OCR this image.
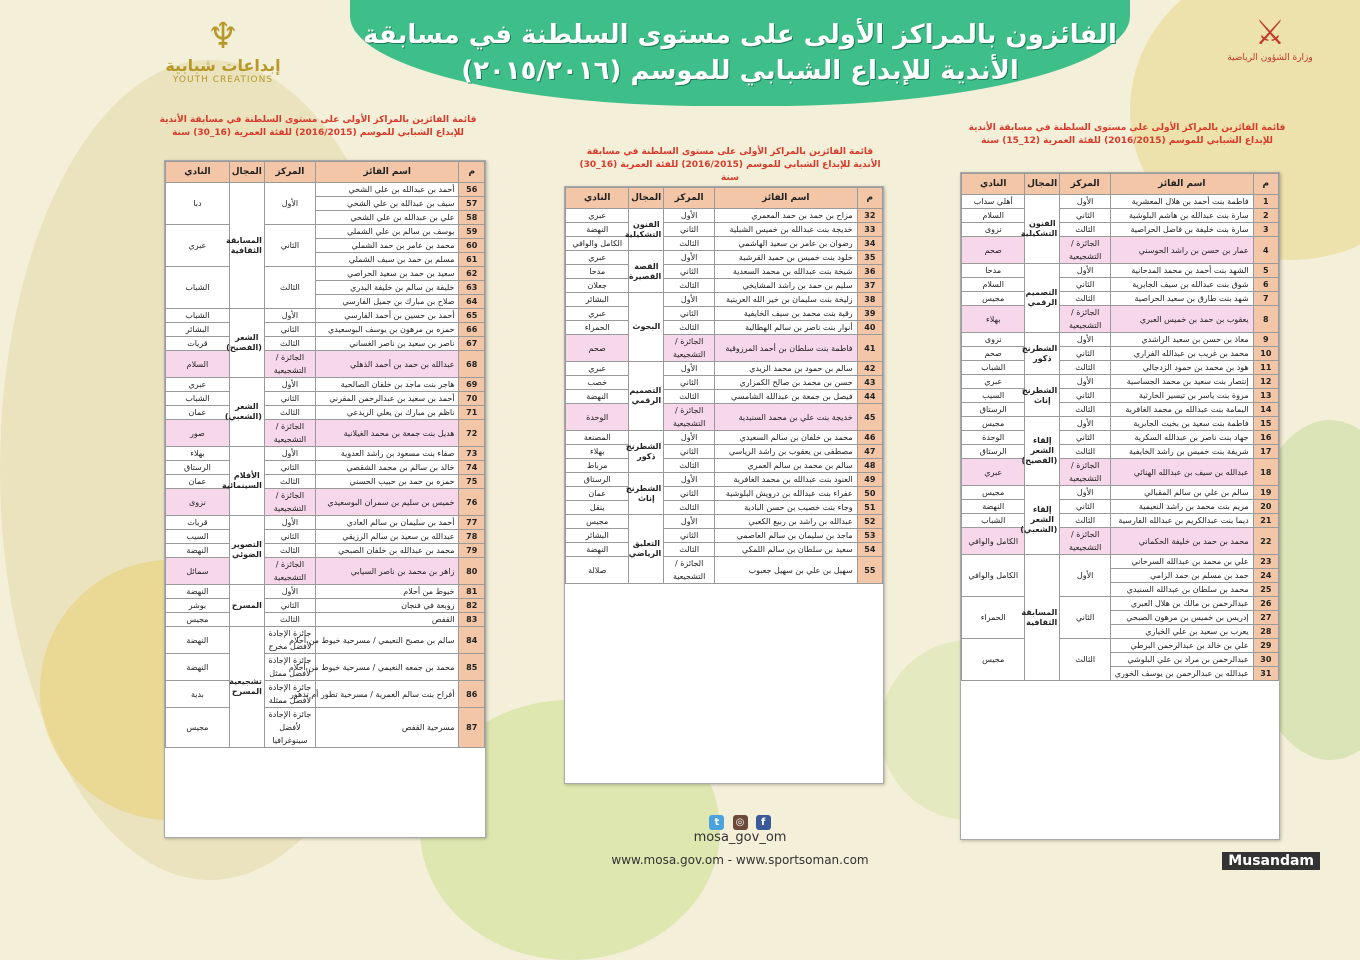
♆
إبداعات شبابية
YOUTH CREATIONS
الفائزون بالمراكز الأولى على مستوى السلطنة في مسابقة
الأندية للإبداع الشبابي للموسم (٢٠١٥/٢٠١٦)
⚔
وزارة الشؤون الرياضية
قائمة الفائزين بالمراكز الأولى على مستوى السلطنة في مسابقة الأندية للإبداع الشبابي للموسم (2016/2015) للفئة العمرية (16_30) سنة
قائمة الفائزين بالمراكز الأولى على مستوى السلطنة في مسابقة الأندية للإبداع الشبابي للموسم (2016/2015) للفئة العمرية (16_30) سنة
قائمة الفائزين بالمراكز الأولى على مستوى السلطنة في مسابقة الأندية للإبداع الشبابي للموسم (2016/2015) للفئة العمرية (12_15) سنة
م	اسم الفائز	المركز	المجال	النادي
56	أحمد بن عبدالله بن علي الشحي	الأول	المسابقة الثقافية	دبا
57	سيف بن عبدالله بن علي الشحي			
58	علي بن عبدالله بن علي الشحي			
59	يوسف بن سالم بن علي الشملي	الثاني		عبري
60	محمد بن عامر بن حمد الشملي			
61	مسلم بن حمد بن سيف الشملي			
62	سعيد بن حمد بن سعيد الحراصي	الثالث		الشباب
63	خليفة بن سالم بن خليفة البدري			
64	صلاح بن مبارك بن جميل الفارسي			
65	أحمد بن حسين بن أحمد الفارسي	الأول	الشعر (الفصيح)	الشباب
66	حمزه بن مرهون بن يوسف البوسعيدي	الثاني		البشائر
67	ناصر بن سعيد بن ناصر الغساني	الثالث		قريات
68	عبدالله بن حمد بن أحمد الذهلي	الجائزة / التشجيعية		السلام
69	هاجر بنت ماجد بن خلفان الصالحية	الأول	الشعر (الشعبي)	عبري
70	أحمد بن سعيد بن عبدالرحمن المقرني	الثاني		الشباب
71	ناظم بن مبارك بن يعلي الريدعي	الثالث		عمان
72	هديل بنت جمعة بن محمد الغيلانية	الجائزة / التشجيعية		صور
73	صفاء بنت مسعود بن راشد العدوية	الأول	الأفلام السينمائية	بهلاء
74	خالد بن سالم بن محمد الشقصي	الثاني		الرستاق
75	حمزه بن حمد بن حبيب الحسني	الثالث		عمان
76	خميس بن سليم بن سمران البوسعيدي	الجائزة / التشجيعية		نزوى
77	أحمد بن سليمان بن سالم العادي	الأول	التصوير الضوئي	قريات
78	عبدالله بن سعيد بن سالم الرزيقي	الثاني		السيب
79	محمد بن عبدالله بن خلفان الصبحي	الثالث		النهضة
80	زاهر بن محمد بن ناصر السيابي	الجائزة / التشجيعية		سمائل
81	خيوط من أحلام	الأول	المسرح	النهضة
82	زوبعة في فنجان	الثاني		بوشر
83	القفص	الثالث		مجيس
84	سالم بن مصبح النعيمي / مسرحية خيوط من أحلام	جائزة الإجادة لأفضل مخرج	تشجيعية المسرح	النهضة
85	محمد بن جمعه النعيمي / مسرحية خيوط من أحلام	جائزة الإجادة لأفضل ممثل		النهضة
86	أفراح بنت سالم العمرية / مسرحية تطور أم تدهور	جائزة الإجادة لأفضل ممثلة		بدية
87	مسرحية القفص	جائزة الإجادة لأفضل سينوغرافيا		مجيس
م	اسم الفائز	المركز	المجال	النادي
32	مزاح بن حمد بن حمد المعمري	الأول	الفنون التشكيلية	عبري
33	خديجة بنت عبدالله بن خميس الشبلية	الثاني		النهضة
34	رضوان بن عامر بن سعيد الهاشمي	الثالث		الكامل والوافي
35	خلود بنت خميس بن حميد القرشية	الأول	القصة القصيرة	عبري
36	شيخة بنت عبدالله بن محمد السعدية	الثاني		مدحا
37	سليم بن حمد بن راشد المشايخي	الثالث		جعلان
38	زليخة بنت سليمان بن خير الله العرينية	الأول	البحوث	البشائر
39	رقية بنت محمد بن سيف الخايفية	الثاني		عبري
40	أنوار بنت ناصر بن سالم الهطالية	الثالث		الحمراء
41	فاطمة بنت سلطان بن أحمد المرزوقية	الجائزة / التشجيعية		صحم
42	سالم بن حمود بن محمد الزيدي	الأول	التصميم الرقمي	عبري
43	حسن بن محمد بن صالح الكمزاري	الثاني		خصب
44	فيصل بن جمعة بن عبدالله الشامسي	الثالث		النهضة
45	خديجة بنت علي بن محمد السنيدية	الجائزة / التشجيعية		الوحدة
46	محمد بن خلفان بن سالم السعيدي	الأول	الشطرنج ذكور	المصنعة
47	مصطفى بن يعقوب بن راشد الرياسي	الثاني		بهلاء
48	سالم بن محمد بن سالم العمري	الثالث		مرباط
49	العنود بنت عبدالله بن محمد الغافرية	الأول	الشطرنج إناث	الرستاق
50	عفراء بنت عبدالله بن درويش البلوشية	الثاني		عمان
51	وجاء بنت خصيب بن حسن البادية	الثالث		ينقل
52	عبدالله بن راشد بن ربيع الكعبي	الأول	التعليق الرياضي	مجيس
53	ماجد بن سليمان بن سالم العاصمي	الثاني		البشائر
54	سعيد بن سلطان بن سالم اللمكي	الثالث		النهضة
55	سهيل بن علي بن سهيل جعبوب	الجائزة / التشجيعية		صلالة
م	اسم الفائز	المركز	المجال	النادي
1	فاطمة بنت أحمد بن هلال المعشرية	الأول	الفنون التشكيلية	أهلي سداب
2	سارة بنت عبدالله بن هاشم البلوشية	الثاني		السلام
3	سارة بنت خليفة بن فاضل الحراصية	الثالث		نزوى
4	عمار بن حسن بن راشد الحوسني	الجائزة / التشجيعية		صحم
5	الشهد بنت أحمد بن محمد المدحانية	الأول	التصميم الرقمي	مدحا
6	شوق بنت عبدالله بن سيف الجابرية	الثاني		السلام
7	شهد بنت طارق بن سعيد الحراصية	الثالث		مجيس
8	يعقوب بن حمد بن خميس العبري	الجائزة / التشجيعية		بهلاء
9	معاذ بن حسن بن سعيد الراشدي	الأول	الشطرنج ذكور	نزوى
10	محمد بن غريب بن عبدالله الفزاري	الثاني		صحم
11	هود بن محمد بن حمود الزدجالي	الثالث		الشباب
12	إنتصار بنت سعيد بن محمد الجساسية	الأول	الشطرنج إناث	عبري
13	مروة بنت ياسر بن تيسير الحارثية	الثاني		السيب
14	اليمامة بنت عبدالله بن محمد الغافرية	الثالث		الرستاق
15	فاطمة بنت سعيد بن بخيت الجابرية	الأول	إلقاء الشعر (الفصيح)	مجيس
16	جهاد بنت ناصر بن عبدالله السكرية	الثاني		الوحدة
17	شريفة بنت خميس بن راشد الخايفية	الثالث		الرستاق
18	عبدالله بن سيف بن عبدالله الهنائي	الجائزة / التشجيعية		عبري
19	سالم بن علي بن سالم المقبالي	الأول	إلقاء الشعر (الشعبي)	مجيس
20	مريم بنت محمد بن راشد النعيمية	الثاني		النهضة
21	ديما بنت عبدالكريم بن عبدالله الفارسية	الثالث		الشباب
22	محمد بن حمد بن خليفة الحكماني	الجائزة / التشجيعية		الكامل والوافي
23	علي بن محمد بن عبدالله السرحاني	الأول	المسابقة الثقافية	الكامل والوافي
24	حمد بن مسلم بن حمد الزامي			
25	محمد بن سلطان بن عبدالله السنيدي			
26	عبدالرحمن بن مالك بن هلال العبري	الثاني		الحمراء
27	إدريس بن خميس بن مرهون الصبحي			
28	يعرب بن سعيد بن علي الخياري			
29	علي بن خالد بن عبدالرحمن البرطي	الثالث		مجيس
30	عبدالرحمن بن مراد بن علي البلوشي			
31	عبدالله بن عبدالرحمن بن يوسف الخوري			
t ◎ f
mosa_gov_om
www.mosa.gov.om - www.sportsoman.com	Musandam
